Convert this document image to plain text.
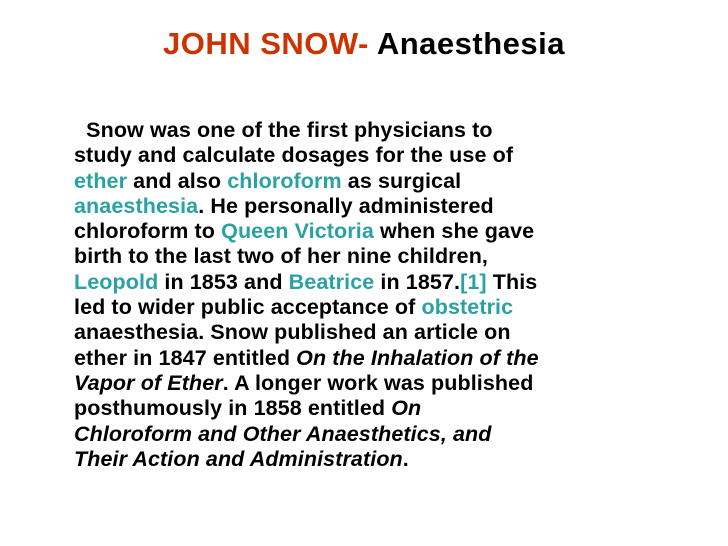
JOHN SNOW- Anaesthesia
Snow was one of the first physicians to
study and calculate dosages for the use of
ether and also chloroform as surgical
anaesthesia. He personally administered
chloroform to Queen Victoria when she gave
birth to the last two of her nine children,
Leopold in 1853 and Beatrice in 1857.[1] This
led to wider public acceptance of obstetric
anaesthesia. Snow published an article on
ether in 1847 entitled On the Inhalation of the
Vapor of Ether. A longer work was published
posthumously in 1858 entitled On
Chloroform and Other Anaesthetics, and
Their Action and Administration.
